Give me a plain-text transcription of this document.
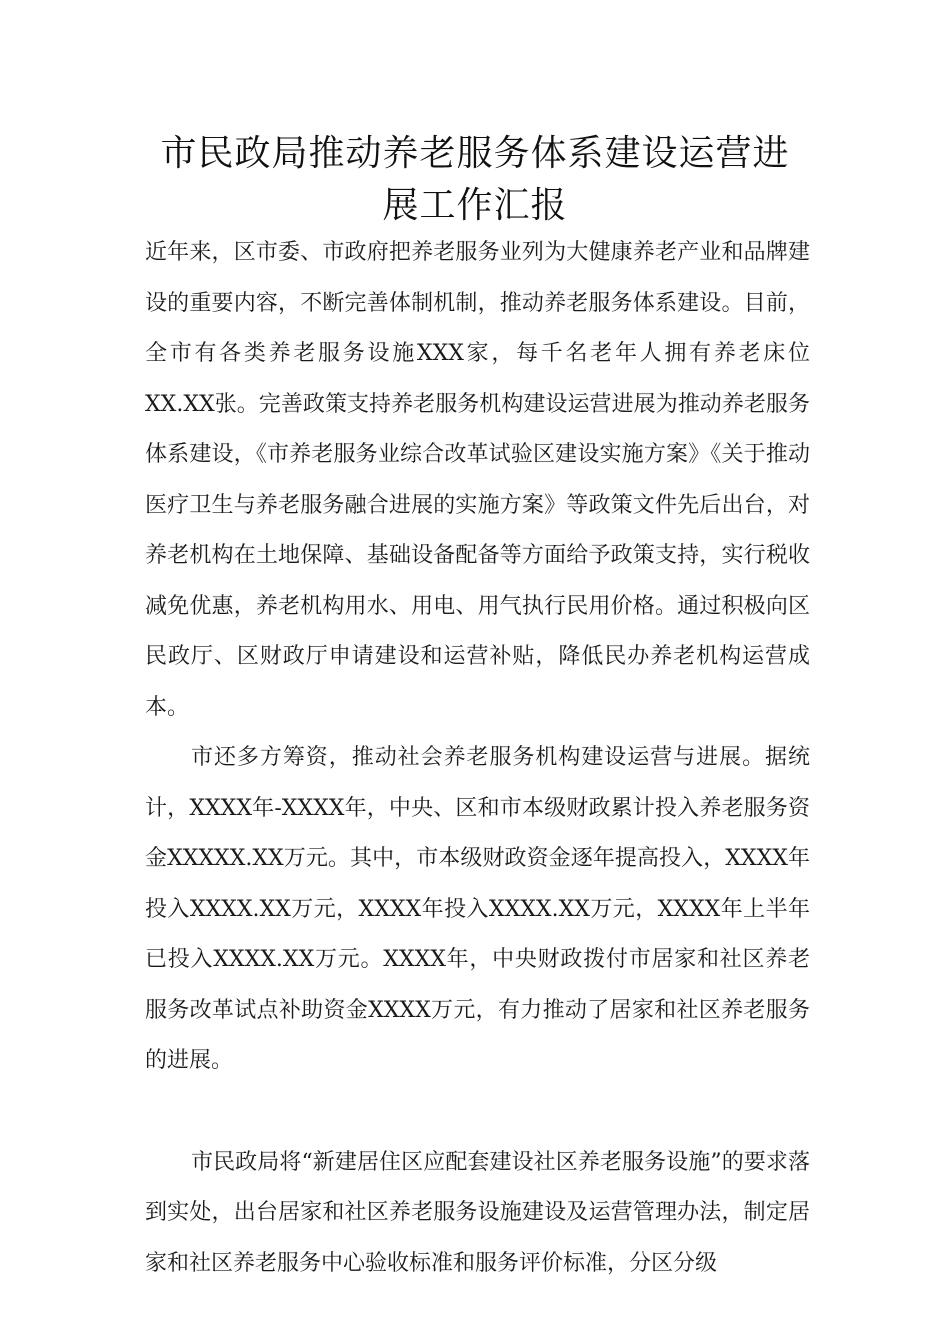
市民政局推动养老服务体系建设运营进
展工作汇报

近年来，区市委、市政府把养老服务业列为大健康养老产业和品牌建设的重要内容，不断完善体制机制，推动养老服务体系建设。目前，全市有各类养老服务设施XXX家，每千名老年人拥有养老床位XX.XX张。完善政策支持养老服务机构建设运营进展为推动养老服务体系建设，《市养老服务业综合改革试验区建设实施方案》《关于推动医疗卫生与养老服务融合进展的实施方案》等政策文件先后出台，对养老机构在土地保障、基础设备配备等方面给予政策支持，实行税收减免优惠，养老机构用水、用电、用气执行民用价格。通过积极向区民政厅、区财政厅申请建设和运营补贴，降低民办养老机构运营成本。

市还多方筹资，推动社会养老服务机构建设运营与进展。据统计，XXXX年-XXXX年，中央、区和市本级财政累计投入养老服务资金XXXXX.XX万元。其中，市本级财政资金逐年提高投入，XXXX年投入XXXX.XX万元，XXXX年投入XXXX.XX万元，XXXX年上半年已投入XXXX.XX万元。XXXX年，中央财政拨付市居家和社区养老服务改革试点补助资金XXXX万元，有力推动了居家和社区养老服务的进展。

市民政局将“新建居住区应配套建设社区养老服务设施”的要求落到实处，出台居家和社区养老服务设施建设及运营管理办法，制定居家和社区养老服务中心验收标准和服务评价标准，分区分级
